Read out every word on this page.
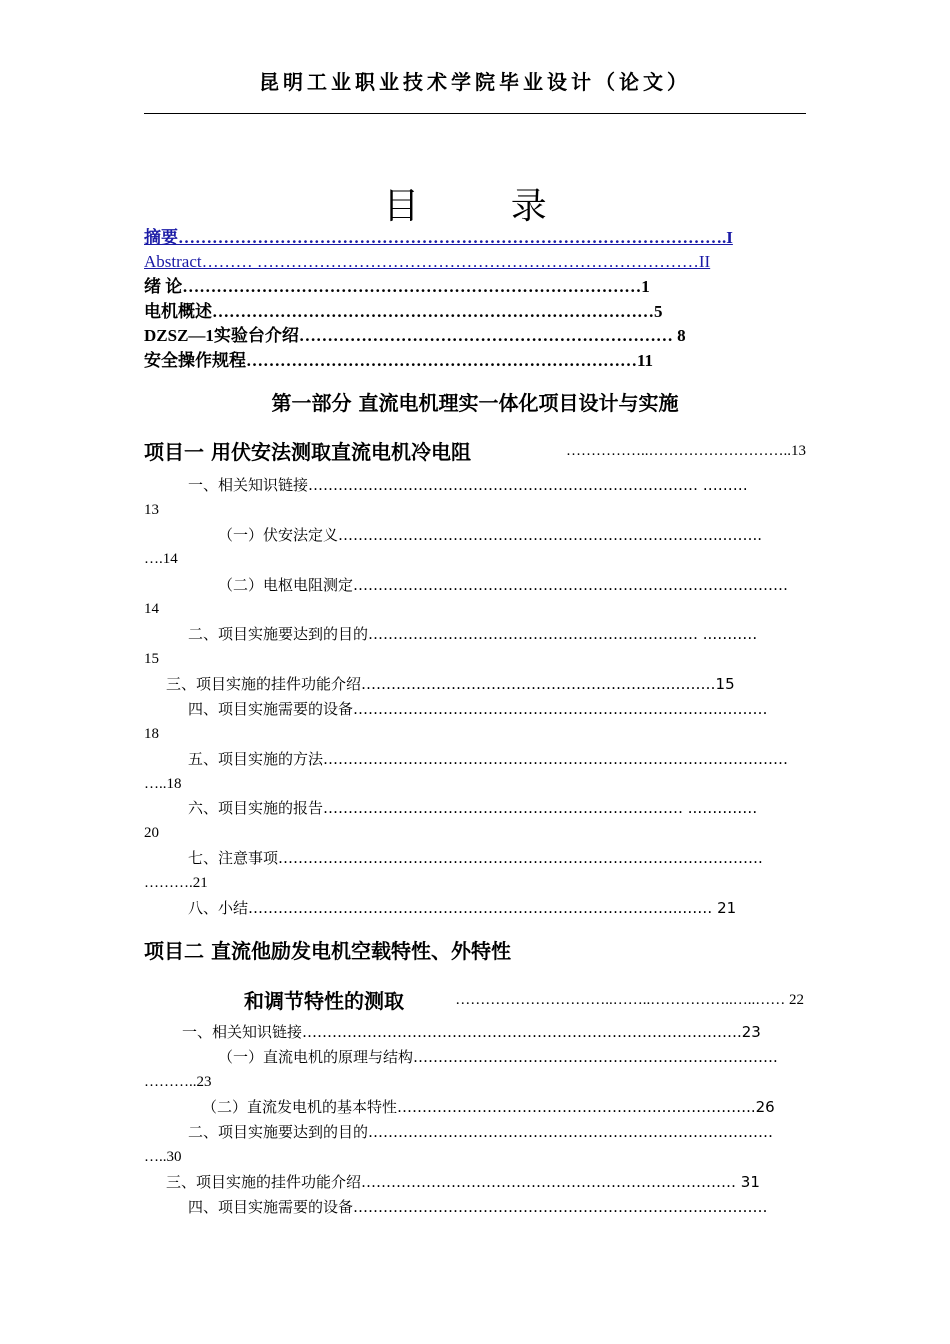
昆明工业职业技术学院毕业设计（论文）
目 录
摘要…………………………………………………………………………………….I
Abstract……… ……………………………………………………………………II
绪 论………………………………………………………………………1
电机概述……………………………………………………………………5
DZSZ—1实验台介绍………………………………………………………… 8
安全操作规程……………………………………………………………11
第一部分 直流电机理实一体化项目设计与实施
项目一 用伏安法测取直流电机冷电阻	……………..………………………..13
一、相关知识链接…………………………………………………………………… ………
13
（一）伏安法定义…………………………………………………………………..……..
….14
（二）电枢电阻测定……………………………………………………………………………
14
二、项目实施要达到的目的………………………………………………………… ..………
15
三、项目实施的挂件功能介绍……………………………………………………..………15
四、项目实施需要的设备………………………………………………………………..………
18
五、项目实施的方法…………………………………………………………………………………
…..18
六、项目实施的报告……………………………………………………………… ..…………
20
七、注意事项…………………………………………………………………………………….
……….21
八、小结…………………………………………………………………………...…… 21
项目二 直流他励发电机空载特性、外特性
和调节特性的测取	…………………………..……..……………..…..…… 22
一、相关知识链接…………………………………………………………………………….23
（一）直流电机的原理与结构……………………………………………………………….
………..23
（二）直流发电机的基本特性……………………………………………..…..…………..26
二、项目实施要达到的目的………………………………………………………………………
…..30
三、项目实施的挂件功能介绍………………………………………………………………… 31
四、项目实施需要的设备……………………………………………………………..…………
